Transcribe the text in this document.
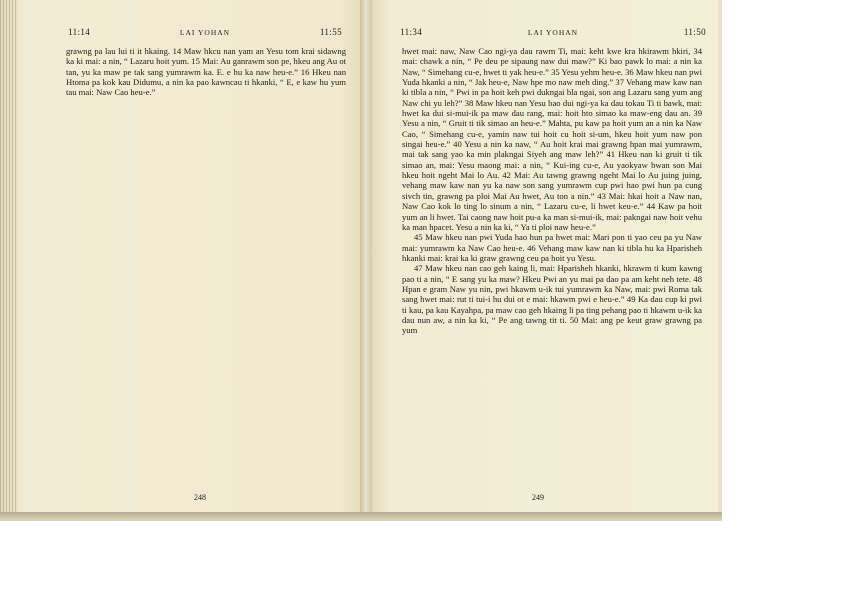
11:14	LAI YOHAN	11:55

grawng pa lau lui ti it hkaing. 14 Maw hkcu nan yam an Yesu tom krai sidawng ka ki mai: a nin, “ Lazaru hoit yum. 15 Mai: Au ganrawm son pe, hkeu ang Au ot tan, yu ka maw pe tak sang yumrawm ka. E. e hu ka naw heu-e.” 16 Hkeu nan Htoma pa kok kau Didumu, a nin ka pao kawncau ti hkanki, “ E, e kaw hu yum tau mai: Naw Cao heu-e.”

248
11:34	LAI YOHAN	11:50

hwet mai: naw, Naw Cao ngi-ya dau rawm Ti, mai: keht kwe kra hkirawm hkiri, 34 mai: chawk a nin, “ Pe deu pe sipaung naw dui maw?” Ki bao pawk lo mai: a nin ka Naw, “ Simehang cu-e, hwet ti yak heu-e.” 35 Yesu yehm heu-e. 36 Maw hkeu nan pwi Yuda hkanki a nin, “ Jak heu-e, Naw hpe mo naw meh ding.” 37 Vehang maw kaw nan ki tibla a nin, “ Pwi in pa hoit keh pwi dukngai bla ngai, son ang Lazaru sang yum ang Naw chi yu leh?” 38 Maw hkeu nan Yesu bao dui ngi-ya ka dau tokau Ti ti bawk, mai: hwet ka dui si-mui-ik pa maw dau rang, mai: hoit hto simao ka maw-eng dau an. 39 Yesu a nin, “ Gruit ti tik simao an heu-e.” Mahta, pu kaw pa hoit yum an a nin ka Naw Cao, “ Simehang cu-e, yamin naw tui hoit cu hoit si-um, hkeu hoit yum naw pon singai heu-e.” 40 Yesu a nin ka naw, “ Au hoit krai mai grawng hpan mai yumrawm, mai tak sang yao ka min plakngai Siyeh ang maw leh?” 41 Hkeu nan ki gruit ti tik simao an, mai: Yesu maong mai: a nin, “ Kui-ing cu-e, Au yaokyaw bwan son Mai hkeu hoit ngeht Mai lo Au. 42 Mai: Au tawng grawng ngeht Mai lo Au juing juing, vehang maw kaw nan yu ka naw son sang yumrawm cup pwi hao pwi hun pa cung sivch tin, grawng pa ploi Mai Au hwet, Au ton a nin.” 43 Mai: hkai hoit a Naw nan, Naw Cao kok lo ting lo sinum a nin, “ Lazaru cu-e, li hwet keu-e.” 44 Kaw pa hoit yum an li hwet. Tai caong naw hoit pu-a ka man si-mui-ik, mai: pakngai naw hoit vehu ka man hpacet. Yesu a nin ka ki, “ Ya ti ploi naw heu-e.”

45 Maw hkeu nan pwi Yuda hao hun pa hwet mai: Mari pon ti yao ceu pa yu Naw mai: yumrawm ka Naw Cao heu-e. 46 Vehang maw kaw nan ki tibla hu ka Hparisheh hkanki mai: krai ka ki graw grawng ceu pa hoit yu Yesu.

47 Maw hkeu nan cao geh kaing li, mai: Hparisheh hkanki, hkrawm ti kum kawng pao ti a nin, “ E sang yu ka maw? Hkeu Pwi an yu mai pa dao pa am keht neh tete. 48 Hpan e gram Naw yu nin, pwi hkawm u-ik tui yumrawm ka Naw, mai: pwi Roma tak sang hwet mai: rut ti tui-i hu dui ot e mai: hkawm pwi e heu-e.” 49 Ka dau cup ki pwi ti kau, pa kau Kayahpa, pa maw cao geh hkaing li pa ting pehang pao ti hkawm u-ik ka dau nun aw, a nin ka ki, “ Pe ang tawng tit ti. 50 Mai: ang pe keut graw grawng pa yum

249
